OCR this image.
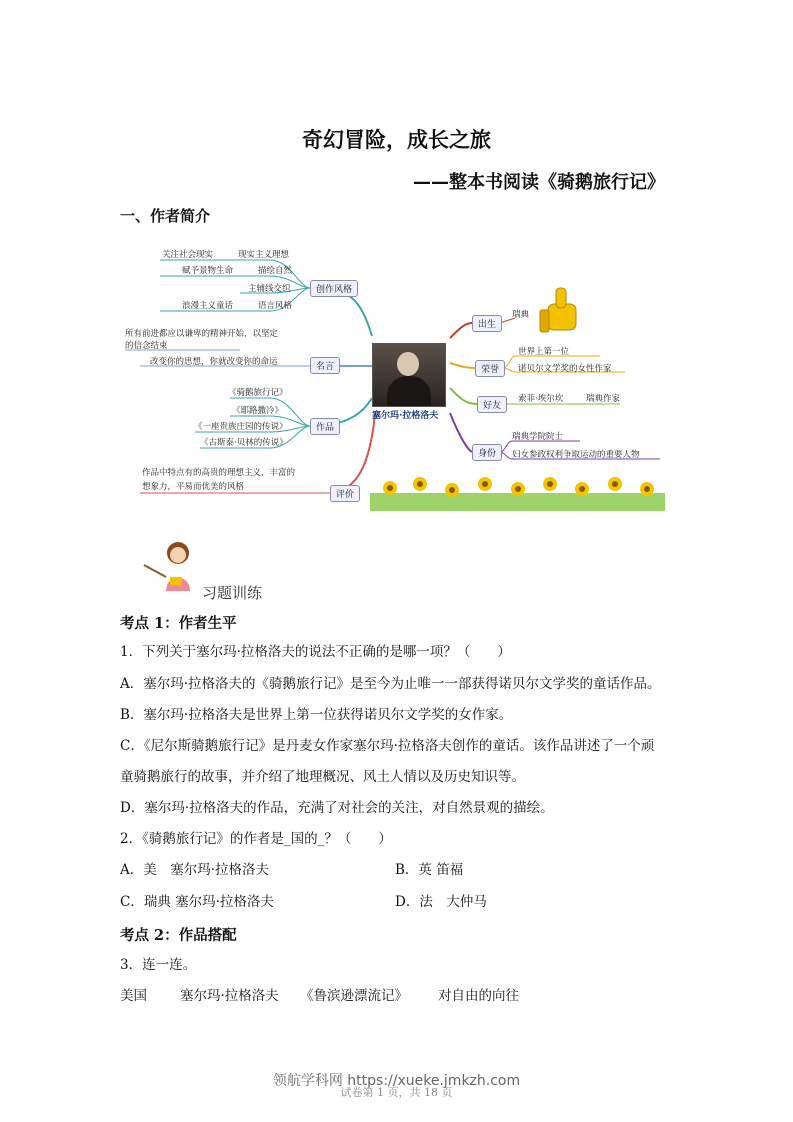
奇幻冒险，成长之旅
——整本书阅读《骑鹅旅行记》
一、作者简介
塞尔玛·拉格洛夫
创作风格
关注社会现实	现实主义理想
赋予景物生命	描绘自然
主辅线交织
浪漫主义童话	语言风格
名言
所有前进都应以谦卑的精神开始，以坚定
的信念结束
改变你的思想，你就改变你的命运
作品
《骑鹅旅行记》
《耶路撒冷》
《一座贵族庄园的传说》
《古斯泰·贝林的传说》
评价
作品中特点有的高贵的理想主义，丰富的
想象力，平易而优美的风格
出生
瑞典
荣誉
世界上第一位
诺贝尔文学奖的女性作家
好友
索菲·埃尔坎	瑞典作家
身份
瑞典学院院士
妇女参政权利争取运动的重要人物
习题训练
考点 1：作者生平
1．下列关于塞尔玛·拉格洛夫的说法不正确的是哪一项？（　　）
A．塞尔玛·拉格洛夫的《骑鹅旅行记》是至今为止唯一一部获得诺贝尔文学奖的童话作品。
B．塞尔玛·拉格洛夫是世界上第一位获得诺贝尔文学奖的女作家。
C．《尼尔斯骑鹅旅行记》是丹麦女作家塞尔玛·拉格洛夫创作的童话。该作品讲述了一个顽
童骑鹅旅行的故事，并介绍了地理概况、风土人情以及历史知识等。
D．塞尔玛·拉格洛夫的作品，充满了对社会的关注，对自然景观的描绘。
2．《骑鹅旅行记》的作者是_国的_？（　　）
A．美　塞尔玛·拉格洛夫	B．英 笛福
C．瑞典 塞尔玛·拉格洛夫	D．法　大仲马
考点 2：作品搭配
3．连一连。
美国 塞尔玛·拉格洛夫 《鲁滨逊漂流记》 对自由的向往
领航学科网 https://xueke.jmkzh.com
试卷第 1 页，共 18 页
